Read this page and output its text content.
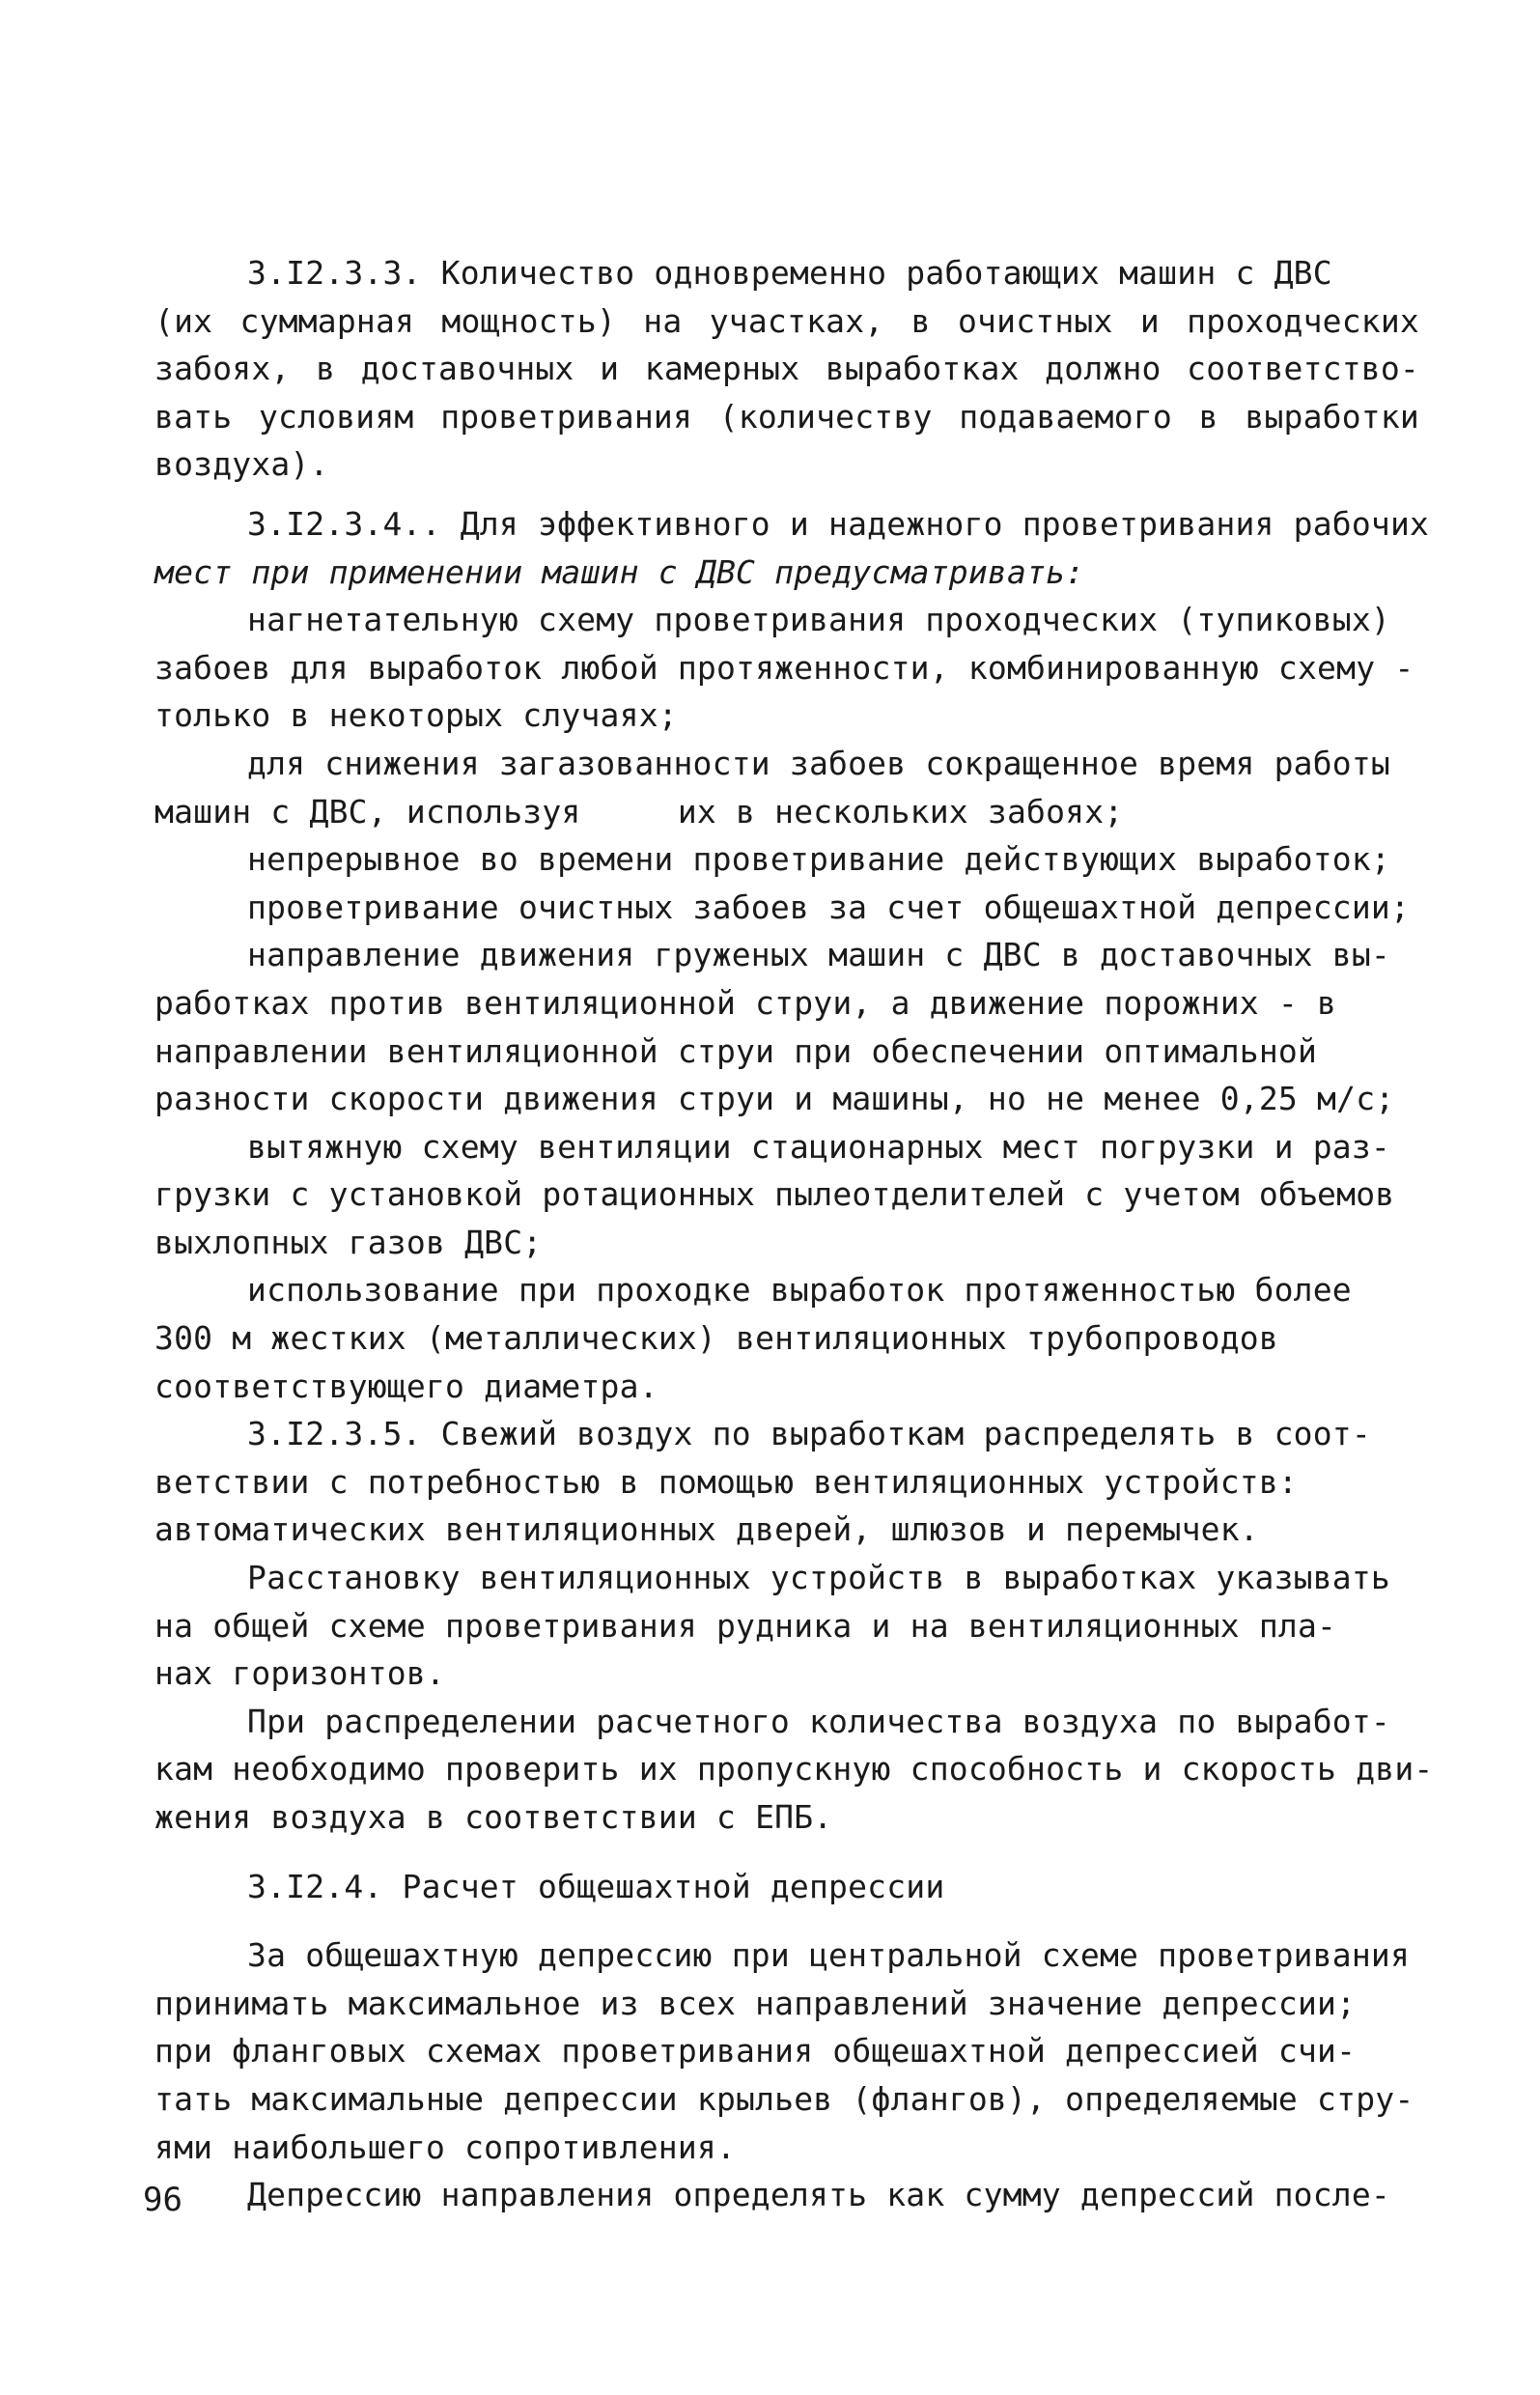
3.I2.3.3. Количество одновременно работающих машин с ДВС
(их суммарная мощность) на участках, в очистных и проходческих
забоях, в доставочных и камерных выработках должно соответство-
вать условиям проветривания (количеству подаваемого в выработки
воздуха).
3.I2.3.4.. Для эффективного и надежного проветривания рабочих
мест при применении машин с ДВС предусматривать:
нагнетательную схему проветривания проходческих (тупиковых)
забоев для выработок любой протяженности, комбинированную схему -
только в некоторых случаях;
для снижения загазованности забоев сокращенное время работы
машин с ДВС, используя     их в нескольких забоях;
непрерывное во времени проветривание действующих выработок;
проветривание очистных забоев за счет общешахтной депрессии;
направление движения груженых машин с ДВС в доставочных вы-
работках против вентиляционной струи, а движение порожних - в
направлении вентиляционной струи при обеспечении оптимальной
разности скорости движения струи и машины, но не менее 0,25 м/с;
вытяжную схему вентиляции стационарных мест погрузки и раз-
грузки с установкой ротационных пылеотделителей с учетом объемов
выхлопных газов ДВС;
использование при проходке выработок протяженностью более
300 м жестких (металлических) вентиляционных трубопроводов
соответствующего диаметра.
3.I2.3.5. Свежий воздух по выработкам распределять в соот-
ветствии с потребностью в помощью вентиляционных устройств:
автоматических вентиляционных дверей, шлюзов и перемычек.
Расстановку вентиляционных устройств в выработках указывать
на общей схеме проветривания рудника и на вентиляционных пла-
нах горизонтов.
При распределении расчетного количества воздуха по выработ-
кам необходимо проверить их пропускную способность и скорость дви-
жения воздуха в соответствии с ЕПБ.
3.I2.4. Расчет общешахтной депрессии
За общешахтную депрессию при центральной схеме проветривания
принимать максимальное из всех направлений значение депрессии;
при фланговых схемах проветривания общешахтной депрессией счи-
тать максимальные депрессии крыльев (флангов), определяемые стру-
ями наибольшего сопротивления.
Депрессию направления определять как сумму депрессий после-
96
